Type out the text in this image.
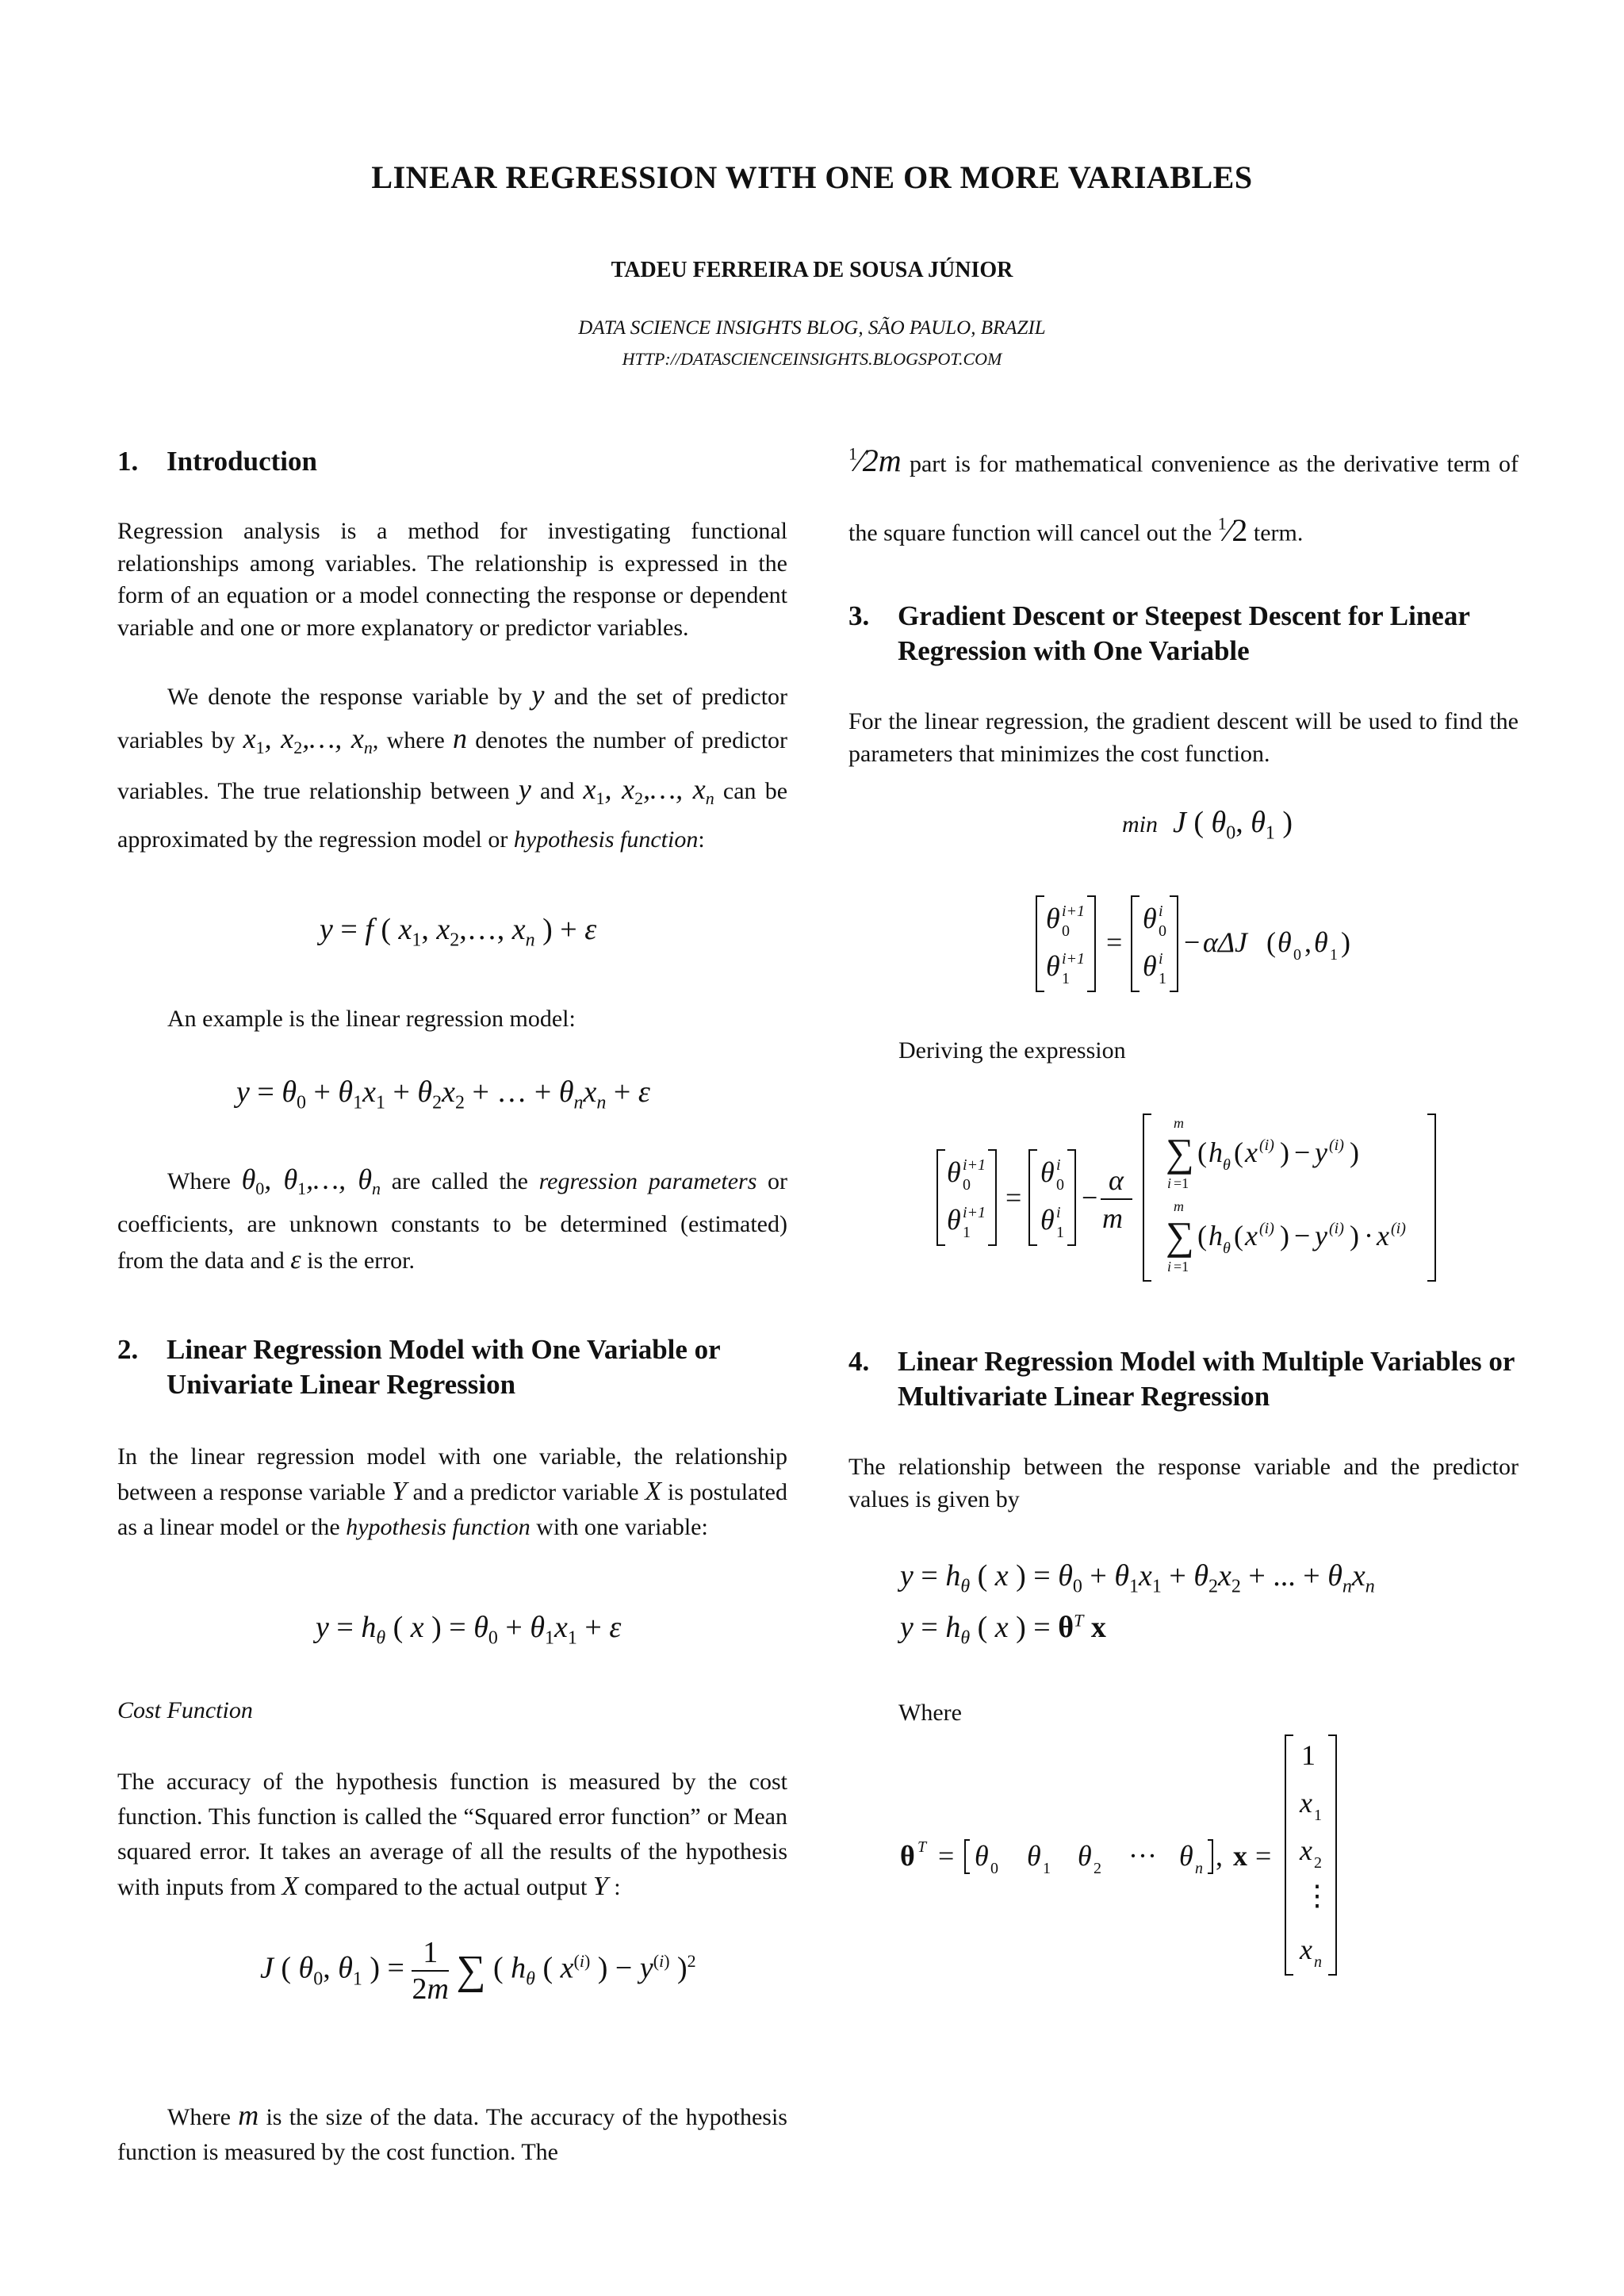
LINEAR REGRESSION WITH ONE OR MORE VARIABLES
TADEU FERREIRA DE SOUSA JÚNIOR
DATA SCIENCE INSIGHTS BLOG, SÃO PAULO, BRAZIL
HTTP://DATASCIENCEINSIGHTS.BLOGSPOT.COM
1.	Introduction
Regression analysis is a method for investigating functional relationships among variables. The relationship is expressed in the form of an equation or a model connecting the response or dependent variable and one or more explanatory or predictor variables.
We denote the response variable by y and the set of predictor variables by $x_1$, $x_2,\dots$, $x_n$, where n denotes the number of predictor variables. The true relationship between y and $x_1$, $x_2,\dots$, $x_n$ can be approximated by the regression model or hypothesis function:
y = f ( $x_1$, $x_2,\dots$, $x_n$ ) + ε
An example is the linear regression model:
$y = \theta_0 + \theta_1x_1 + \theta_2x_2$ + … + $\theta_nx_n + \varepsilon$
Where $\theta_0$, $\theta_1,\dots$, $\theta_n$ are called the regression parameters or coefficients, are unknown constants to be determined (estimated) from the data and ε is the error.
2.	Linear Regression Model with One Variable or Univariate Linear Regression
In the linear regression model with one variable, the relationship between a response variable Y and a predictor variable X is postulated as a linear model or the hypothesis function with one variable:
$y = h_\theta$ ( x ) = $\theta_0 + \theta_1x_1 + \varepsilon$
Cost Function
The accuracy of the hypothesis function is measured by the cost function. This function is called the “Squared error function” or Mean squared error. It takes an average of all the results of the hypothesis with inputs from X compared to the actual output Y :
J ( $\theta_0$, $\theta_1$ ) = $\frac{1}{2m}$ ∑ ( $h_\theta$ ( $x^{(i)}$ ) − $y^{(i)}$ )$^2$
Where m is the size of the data. The accuracy of the hypothesis function is measured by the cost function. The
$^1$⁄2m part is for mathematical convenience as the derivative term of the square function will cancel out the $^1$⁄2 term.
3.	Gradient Descent or Steepest Descent for Linear Regression with One Variable
For the linear regression, the gradient descent will be used to find the parameters that minimizes the cost function.
min J ( $\theta_0$, $\theta_1$ )
θ i+1
0
θ i+1
1
=
θ i
0
θ i
1
− αΔJ ( θ 0 , θ 1 )
Deriving the expression
θ i+1
0
θ i+1
1
=
θ i
0
θ i
1
−
α
m
m
∑
i =1
( h θ ( x (i) ) − y (i) )
m
∑
i =1
( h θ ( x (i) ) − y (i) ) · x (i)
4.	Linear Regression Model with Multiple Variables or Multivariate Linear Regression
The relationship between the response variable and the predictor values is given by
$y = h_\theta$ ( x ) = $\theta_0 + \theta_1x_1 + \theta_2x_2$ + ... + $\theta_nx_n$
$y = h_\theta$ ( x ) = $\theta^T$ x
Where
θ T = θ 0 θ 1 θ 2 ··· θ n , x =
1
x 1
x 2
⋮
x n
